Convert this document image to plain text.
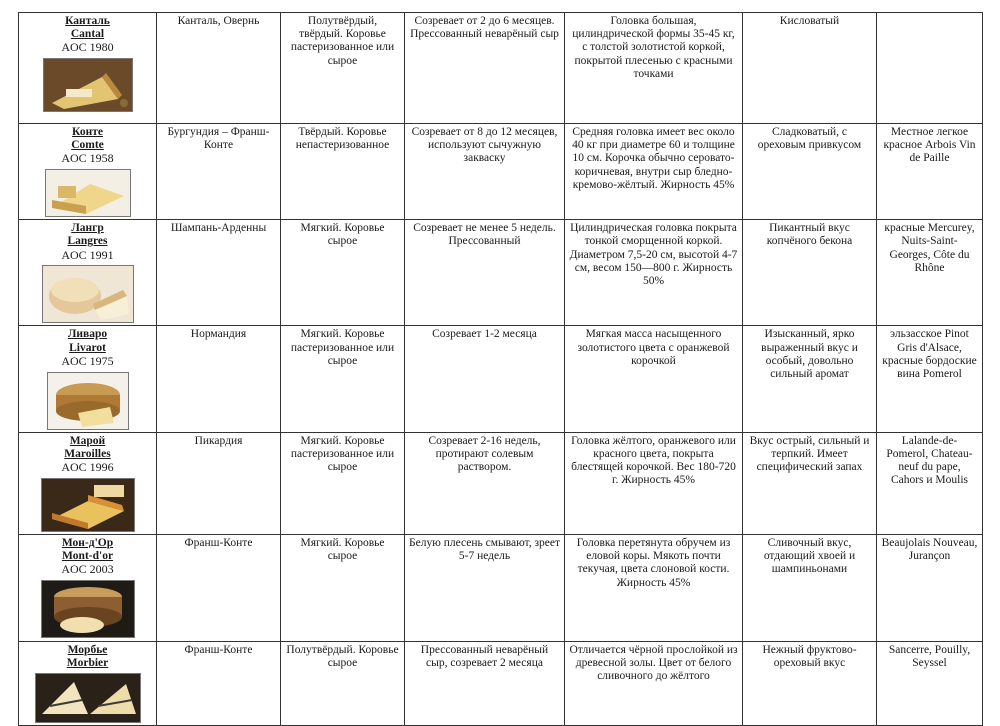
Канталь
Cantal
AOC 1980	Канталь, Овернь	Полутвёрдый, твёрдый. Коровье пастеризованное или сырое	Созревает от 2 до 6 месяцев. Прессованный неварёный сыр	Головка большая, цилиндрической формы 35-45 кг, с толстой золотистой коркой, покрытой плесенью с красными точками	Кисловатый	

Конте
Comte
AOC 1958	Бургундия – Франш-Конте	Твёрдый. Коровье непастеризованное	Созревает от 8 до 12 месяцев, используют сычужную закваску	Средняя головка имеет вес около 40 кг при диаметре 60 и толщине 10 см. Корочка обычно серовато-коричневая, внутри сыр бледно-кремово-жёлтый. Жирность 45%	Сладковатый, с ореховым привкусом	Местное легкое красное Arbois Vin de Paille

Лангр
Langres
AOC 1991	Шампань-Арденны	Мягкий. Коровье сырое	Созревает не менее 5 недель. Прессованный	Цилиндрическая головка покрыта тонкой сморщенной коркой. Диаметром 7,5-20 см, высотой 4-7 см, весом 150—800 г. Жирность 50%	Пикантный вкус копчёного бекона	красные Mercurey, Nuits-Saint-Georges, Côte du Rhône

Ливаро
Livarot
AOC 1975	Нормандия	Мягкий. Коровье пастеризованное или сырое	Созревает 1-2 месяца	Мягкая масса насыщенного золотистого цвета с оранжевой корочкой	Изысканный, ярко выраженный вкус и особый, довольно сильный аромат	эльзасское Pinot Gris d'Alsace, красные бордоские вина Pomerol

Марой
Maroilles
AOC 1996	Пикардия	Мягкий. Коровье пастеризованное или сырое	Созревает 2-16 недель, протирают солевым раствором.	Головка жёлтого, оранжевого или красного цвета, покрыта блестящей корочкой. Вес 180-720 г. Жирность 45%	Вкус острый, сильный и терпкий. Имеет специфический запах	Lalande-de-Pomerol, Chateau-neuf du pape, Cahors и Moulis

Мон-д'Ор
Mont-d'or
AOC 2003	Франш-Конте	Мягкий. Коровье сырое	Белую плесень смывают, зреет 5-7 недель	Головка перетянута обручем из еловой коры. Мякоть почти текучая, цвета слоновой кости. Жирность 45%	Сливочный вкус, отдающий хвоей и шампиньонами	Beaujolais Nouveau, Jurançon

Морбье
Morbier	Франш-Конте	Полутвёрдый. Коровье сырое	Прессованный неварёный сыр, созревает 2 месяца	Отличается чёрной прослойкой из древесной золы. Цвет от белого сливочного до жёлтого	Нежный фруктово-ореховый вкус	Sancerre, Pouilly, Seyssel
